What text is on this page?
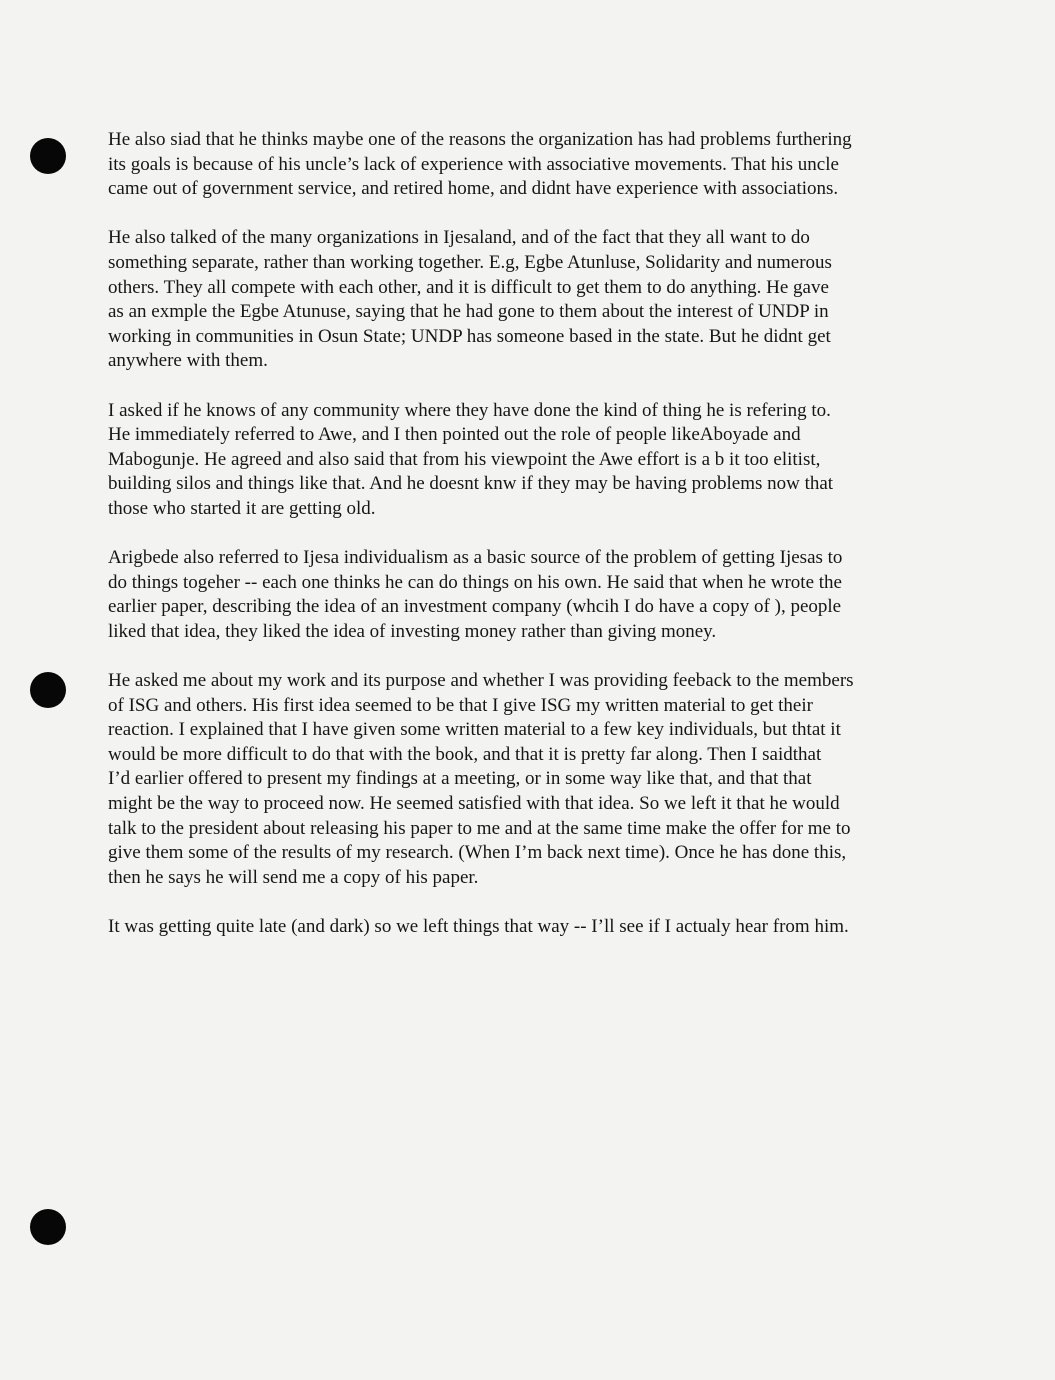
He also siad that he thinks maybe one of the reasons the organization has had problems furthering
its goals is because of his uncle’s lack of experience with associative movements. That his uncle
came out of government service, and retired home, and didnt have experience with associations.

He also talked of the many organizations in Ijesaland, and of the fact that they all want to do
something separate, rather than working together. E.g, Egbe Atunluse, Solidarity and numerous
others. They all compete with each other, and it is difficult to get them to do anything. He gave
as an exmple the Egbe Atunuse, saying that he had gone to them about the interest of UNDP in
working in communities in Osun State; UNDP has someone based in the state. But he didnt get
anywhere with them.

I asked if he knows of any community where they have done the kind of thing he is refering to.
He immediately referred to Awe, and I then pointed out the role of people likeAboyade and
Mabogunje. He agreed and also said that from his viewpoint the Awe effort is a b it too elitist,
building silos and things like that. And he doesnt knw if they may be having problems now that
those who started it are getting old.

Arigbede also referred to Ijesa individualism as a basic source of the problem of getting Ijesas to
do things togeher -- each one thinks he can do things on his own. He said that when he wrote the
earlier paper, describing the idea of an investment company (whcih I do have a copy of ), people
liked that idea, they liked the idea of investing money rather than giving money.

He asked me about my work and its purpose and whether I was providing feeback to the members
of ISG and others. His first idea seemed to be that I give ISG my written material to get their
reaction. I explained that I have given some written material to a few key individuals, but thtat it
would be more difficult to do that with the book, and that it is pretty far along. Then I saidthat
I’d earlier offered to present my findings at a meeting, or in some way like that, and that that
might be the way to proceed now. He seemed satisfied with that idea. So we left it that he would
talk to the president about releasing his paper to me and at the same time make the offer for me to
give them some of the results of my research. (When I’m back next time). Once he has done this,
then he says he will send me a copy of his paper.

It was getting quite late (and dark) so we left things that way -- I’ll see if I actualy hear from him.
